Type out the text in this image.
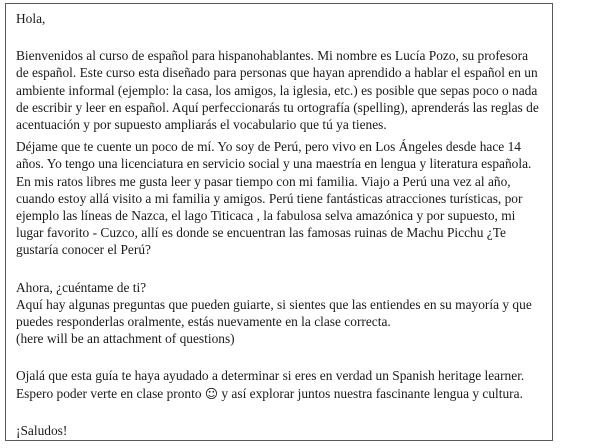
Hola,

Bienvenidos al curso de español para hispanohablantes. Mi nombre es Lucía Pozo, su profesora de español. Este curso esta diseñado para personas que hayan aprendido a hablar el español en un ambiente informal (ejemplo: la casa, los amigos, la iglesia, etc.) es posible que sepas poco o nada de escribir y leer en español. Aquí perfeccionarás tu ortografía (spelling), aprenderás las reglas de acentuación y por supuesto ampliarás el vocabulario que tú ya tienes.

Déjame que te cuente un poco de mí. Yo soy de Perú, pero vivo en Los Ángeles desde hace 14 años. Yo tengo una licenciatura en servicio social y una maestría en lengua y literatura española. En mis ratos libres me gusta leer y pasar tiempo con mi familia. Viajo a Perú una vez al año, cuando estoy allá visito a mi familia y amigos. Perú tiene fantásticas atracciones turísticas, por ejemplo las líneas de Nazca, el lago Titicaca , la fabulosa selva amazónica y por supuesto, mi lugar favorito - Cuzco, allí es donde se encuentran las famosas ruinas de Machu Picchu ¿Te gustaría conocer el Perú?

Ahora, ¿cuéntame de ti?

Aquí hay algunas preguntas que pueden guiarte, si sientes que las entiendes en su mayoría y que puedes responderlas oralmente, estás nuevamente en la clase correcta.

(here will be an attachment of questions)

Ojalá que esta guía te haya ayudado a determinar si eres en verdad un Spanish heritage learner. Espero poder verte en clase pronto ☺ y así explorar juntos nuestra fascinante lengua y cultura.

¡Saludos!
